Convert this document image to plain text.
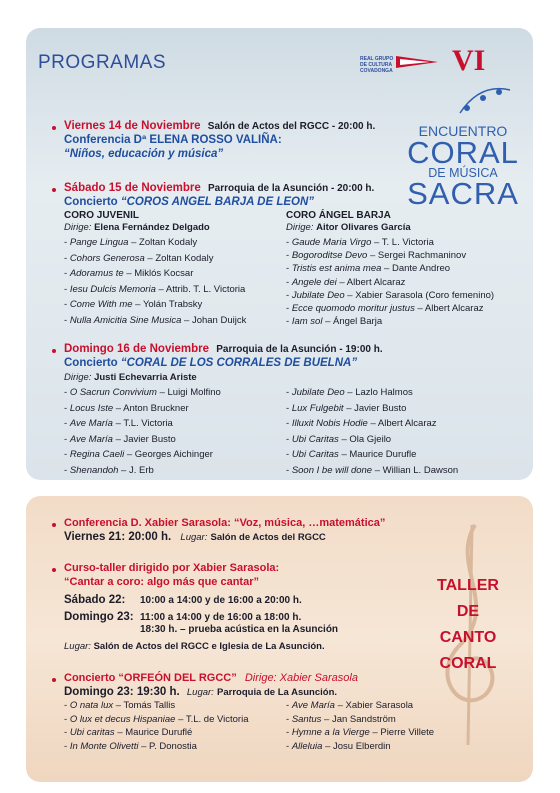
REAL GRUPO
DE CULTURA
COVADONGA VI
ENCUENTRO
CORAL
DE MÚSICA
SACRA
PROGRAMAS
Viernes 14 de Noviembre Salón de Actos del RGCC - 20:00 h.
Conferencia Dª ELENA ROSSO VALIÑA:
“Niños, educación y música”
Sábado 15 de Noviembre Parroquia de la Asunción - 20:00 h.
Concierto “COROS ANGEL BARJA DE LEON”
CORO JUVENIL
Dirige: Elena Fernández Delgado
- Pange Lingua – Zoltan Kodaly
- Cohors Generosa – Zoltan Kodaly
- Adoramus te – Miklós Kocsar
- Iesu Dulcis Memoria – Attrib. T. L. Victoria
- Come With me – Yolán Trabsky
- Nulla Amicitia Sine Musica – Johan Duijck
CORO ÁNGEL BARJA
Dirige: Aitor Olivares García
- Gaude Maria Virgo – T. L. Victoria
- Bogoroditse Devo – Sergei Rachmaninov
- Tristis est anima mea – Dante Andreo
- Angele dei – Albert Alcaraz
- Jubilate Deo – Xabier Sarasola (Coro femenino)
- Ecce quomodo moritur justus – Albert Alcaraz
- Iam sol – Ángel Barja
Domingo 16 de Noviembre Parroquia de la Asunción - 19:00 h.
Concierto “CORAL DE LOS CORRALES DE BUELNA”
Dirige: Justi Echevarria Ariste
- O Sacrun Convivium – Luigi Molfino
- Locus Iste – Anton Bruckner
- Ave María – T.L. Victoria
- Ave María – Javier Busto
- Regina Caeli – Georges Aichinger
- Shenandoh – J. Erb
- Jubilate Deo – Lazlo Halmos
- Lux Fulgebit – Javier Busto
- Illuxit Nobis Hodie – Albert Alcaraz
- Ubi Caritas – Ola Gjeilo
- Ubi Caritas – Maurice Durufle
- Soon I be will done – Willian L. Dawson
Conferencia D. Xabier Sarasola: “Voz, música, …matemática”
Viernes 21: 20:00 h. Lugar: Salón de Actos del RGCC
Curso-taller dirigido por Xabier Sarasola:
“Cantar a coro: algo más que cantar”
Sábado 22: 10:00 a 14:00 y de 16:00 a 20:00 h.
Domingo 23: 11:00 a 14:00 y de 16:00 a 18:00 h.
18:30 h. – prueba acústica en la Asunción
Lugar: Salón de Actos del RGCC e Iglesia de La Asunción.
Concierto “ORFEÓN DEL RGCC” Dirige: Xabier Sarasola
Domingo 23: 19:30 h. Lugar: Parroquia de La Asunción.
- O nata lux – Tomás Tallis
- O lux et decus Hispaniae – T.L. de Victoria
- Ubi caritas – Maurice Duruflé
- In Monte Olivetti – P. Donostia
- Ave María – Xabier Sarasola
- Santus – Jan Sandström
- Hymne a la Vierge – Pierre Villete
- Alleluia – Josu Elberdin
TALLER
DE
CANTO
CORAL
